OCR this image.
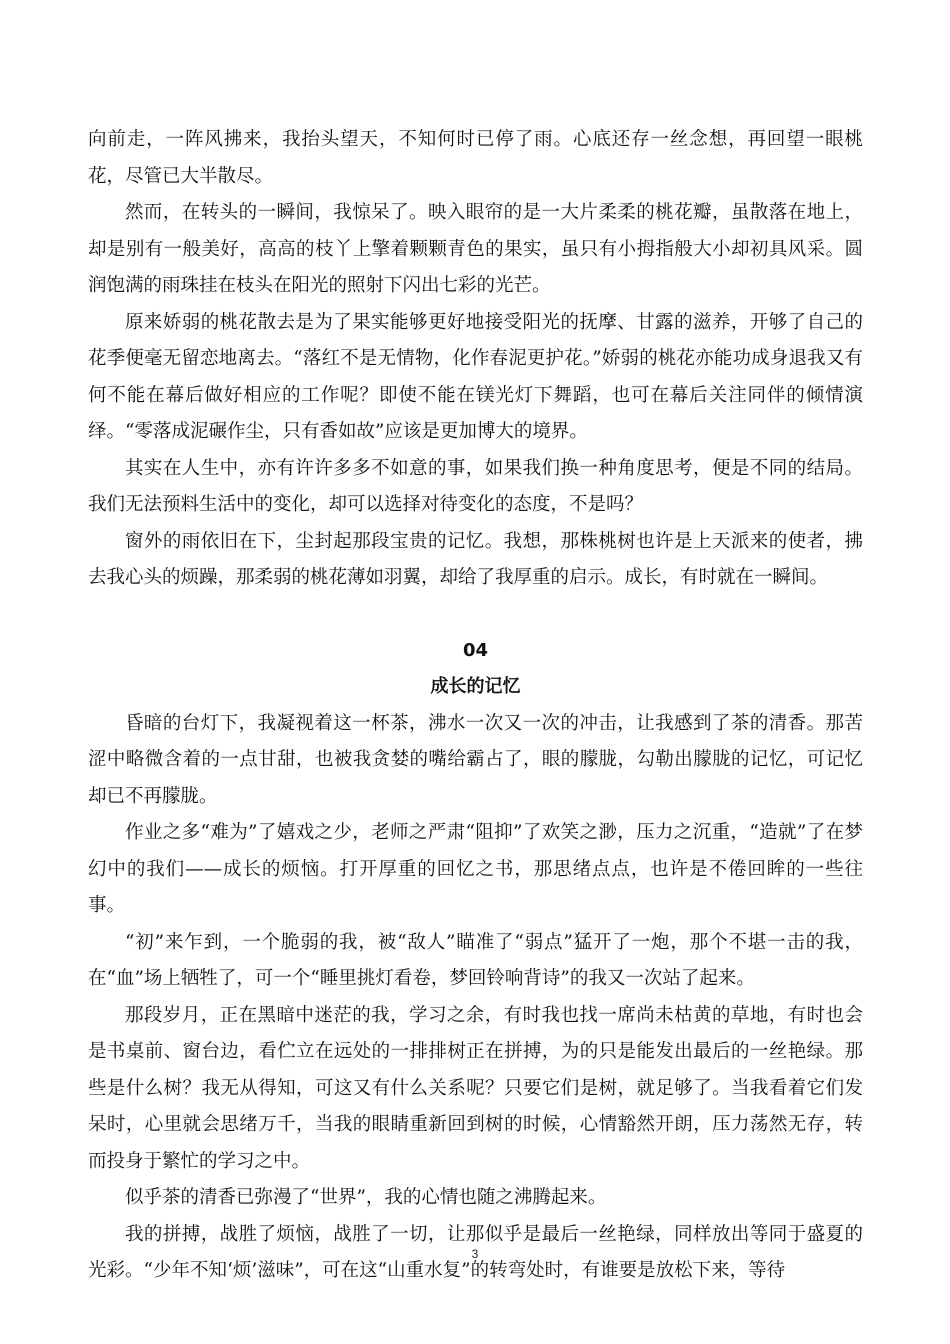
向前走，一阵风拂来，我抬头望天，不知何时已停了雨。心底还存一丝念想，再回望一眼桃花，尽管已大半散尽。

然而，在转头的一瞬间，我惊呆了。映入眼帘的是一大片柔柔的桃花瓣，虽散落在地上，却是别有一般美好，高高的枝丫上擎着颗颗青色的果实，虽只有小拇指般大小却初具风采。圆润饱满的雨珠挂在枝头在阳光的照射下闪出七彩的光芒。

原来娇弱的桃花散去是为了果实能够更好地接受阳光的抚摩、甘露的滋养，开够了自己的花季便毫无留恋地离去。“落红不是无情物，化作春泥更护花。”娇弱的桃花亦能功成身退我又有何不能在幕后做好相应的工作呢？即使不能在镁光灯下舞蹈，也可在幕后关注同伴的倾情演绎。“零落成泥碾作尘，只有香如故”应该是更加博大的境界。

其实在人生中，亦有许许多多不如意的事，如果我们换一种角度思考，便是不同的结局。我们无法预料生活中的变化，却可以选择对待变化的态度，不是吗？

窗外的雨依旧在下，尘封起那段宝贵的记忆。我想，那株桃树也许是上天派来的使者，拂去我心头的烦躁，那柔弱的桃花薄如羽翼，却给了我厚重的启示。成长，有时就在一瞬间。

04

成长的记忆

昏暗的台灯下，我凝视着这一杯茶，沸水一次又一次的冲击，让我感到了茶的清香。那苦涩中略微含着的一点甘甜，也被我贪婪的嘴给霸占了，眼的朦胧，勾勒出朦胧的记忆，可记忆却已不再朦胧。

作业之多“难为”了嬉戏之少，老师之严肃“阻抑”了欢笑之渺，压力之沉重，“造就”了在梦幻中的我们——成长的烦恼。打开厚重的回忆之书，那思绪点点，也许是不倦回眸的一些往事。

“初”来乍到，一个脆弱的我，被“敌人”瞄准了“弱点”猛开了一炮，那个不堪一击的我，在“血”场上牺牲了，可一个“睡里挑灯看卷，梦回铃响背诗”的我又一次站了起来。

那段岁月，正在黑暗中迷茫的我，学习之余，有时我也找一席尚未枯黄的草地，有时也会是书桌前、窗台边，看伫立在远处的一排排树正在拼搏，为的只是能发出最后的一丝艳绿。那些是什么树？我无从得知，可这又有什么关系呢？只要它们是树，就足够了。当我看着它们发呆时，心里就会思绪万千，当我的眼睛重新回到树的时候，心情豁然开朗，压力荡然无存，转而投身于繁忙的学习之中。

似乎茶的清香已弥漫了“世界”，我的心情也随之沸腾起来。

我的拼搏，战胜了烦恼，战胜了一切，让那似乎是最后一丝艳绿，同样放出等同于盛夏的光彩。“少年不知‘烦’滋味”，可在这“山重水复”的转弯处时，有谁要是放松下来，等待

3
